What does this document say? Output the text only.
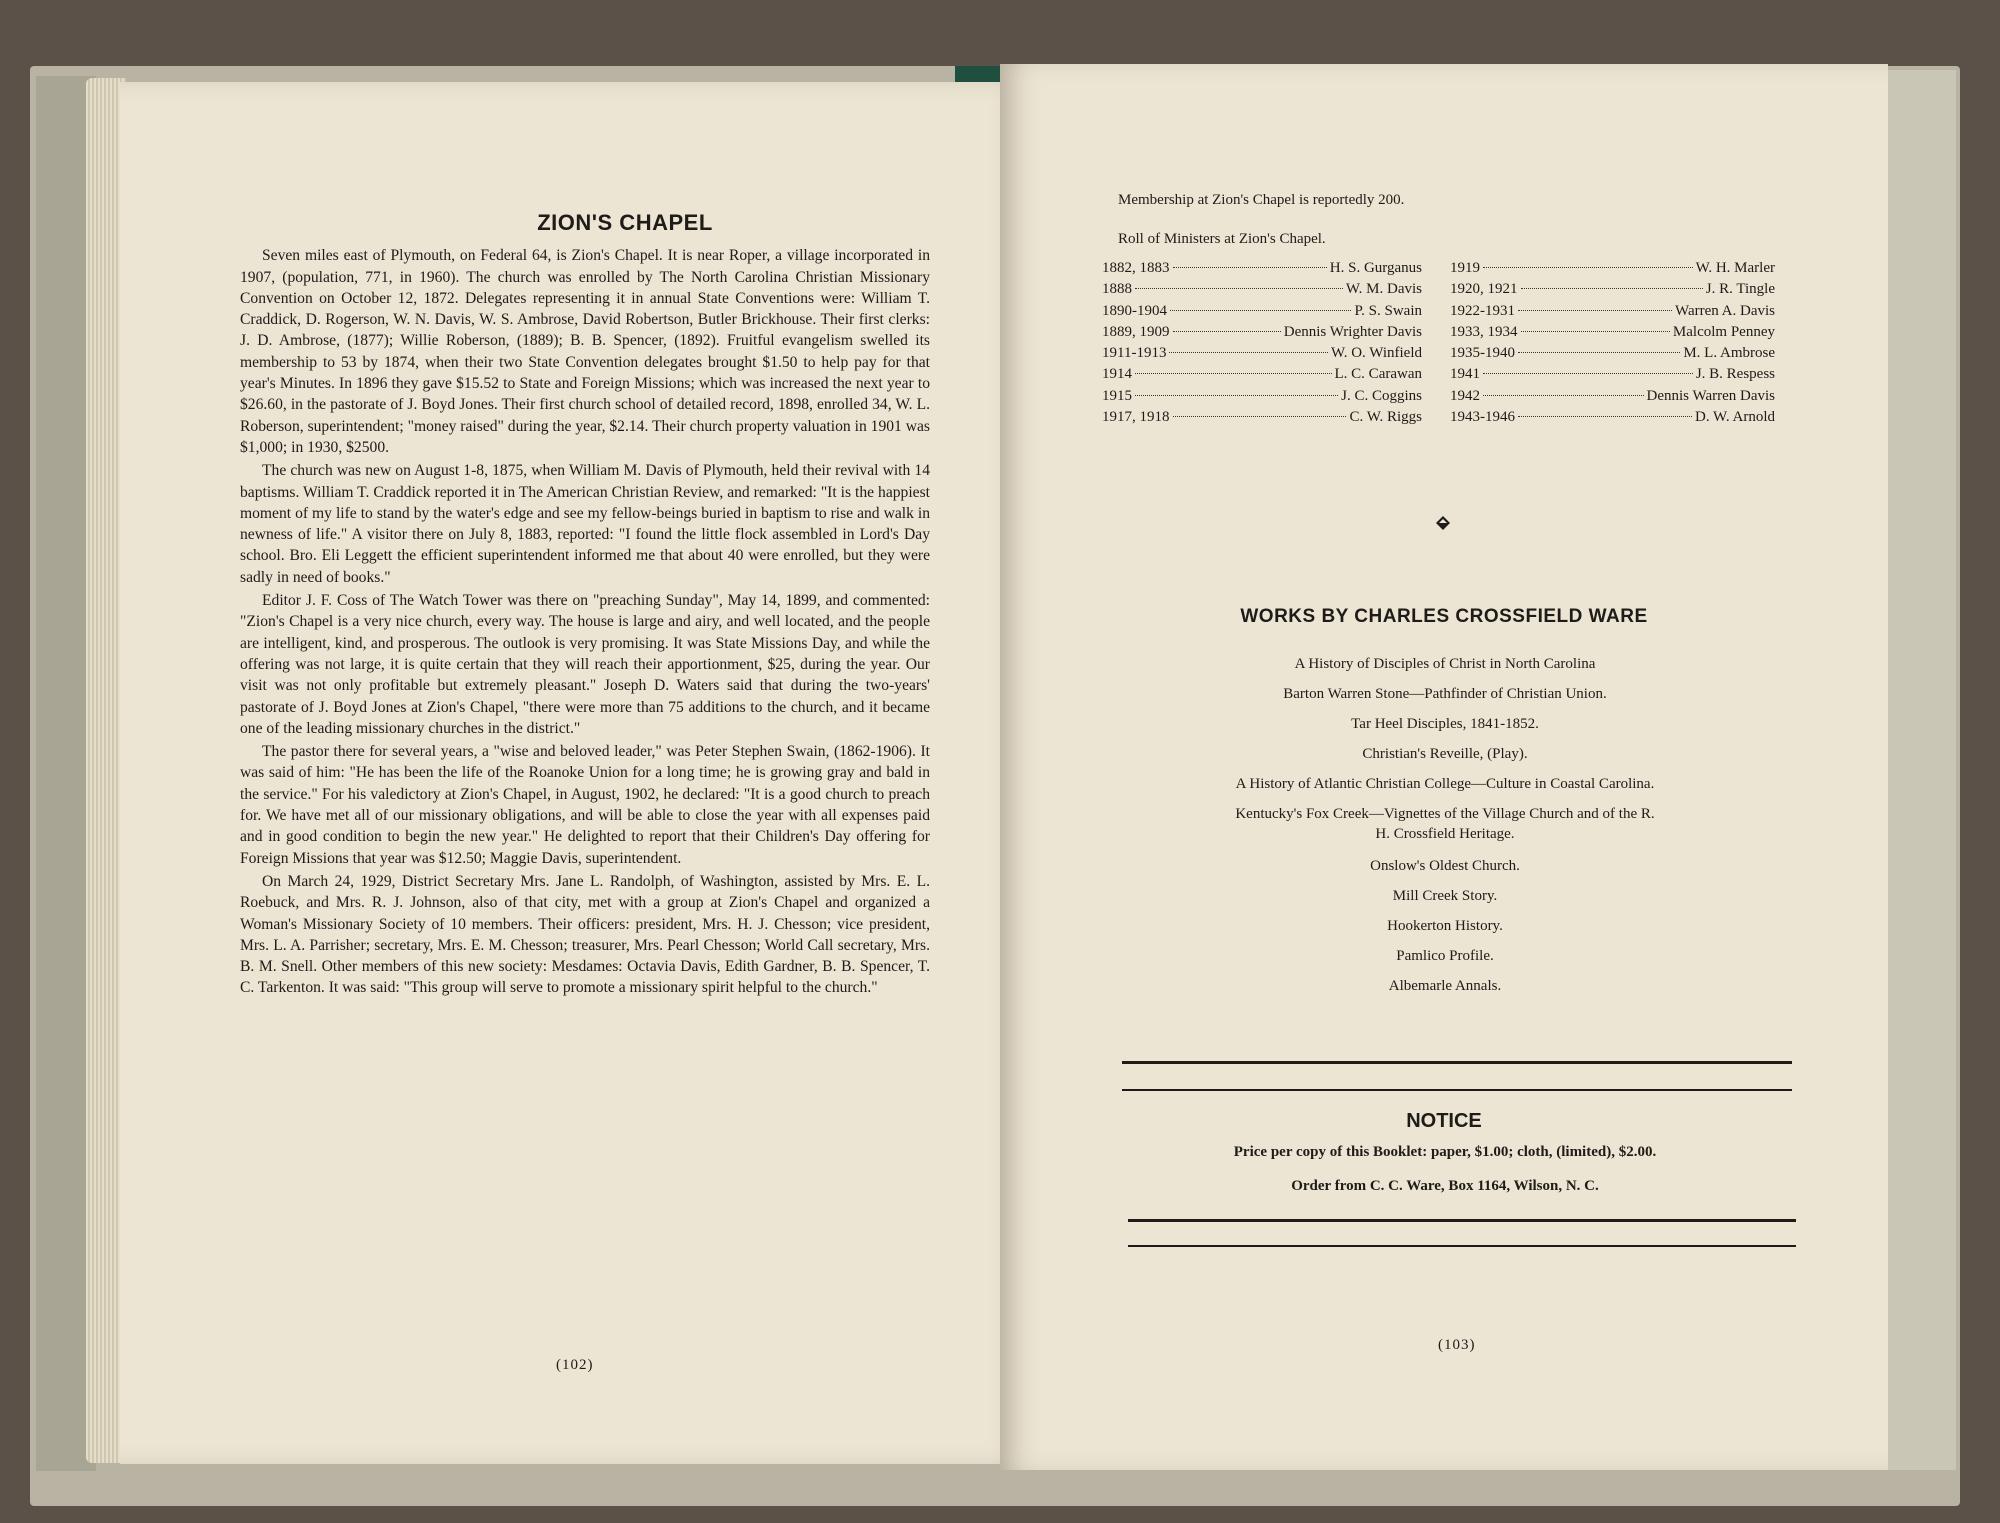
ZION'S CHAPEL

Seven miles east of Plymouth, on Federal 64, is Zion's Chapel. It is near Roper, a village incorporated in 1907, (population, 771, in 1960). The church was enrolled by The North Carolina Christian Missionary Convention on October 12, 1872. Delegates representing it in annual State Conventions were: William T. Craddick, D. Rogerson, W. N. Davis, W. S. Ambrose, David Robertson, Butler Brickhouse. Their first clerks: J. D. Ambrose, (1877); Willie Roberson, (1889); B. B. Spencer, (1892). Fruitful evangelism swelled its membership to 53 by 1874, when their two State Convention delegates brought $1.50 to help pay for that year's Minutes. In 1896 they gave $15.52 to State and Foreign Missions; which was increased the next year to $26.60, in the pastorate of J. Boyd Jones. Their first church school of detailed record, 1898, enrolled 34, W. L. Roberson, superintendent; "money raised" during the year, $2.14. Their church property valuation in 1901 was $1,000; in 1930, $2500.

The church was new on August 1-8, 1875, when William M. Davis of Plymouth, held their revival with 14 baptisms. William T. Craddick reported it in The American Christian Review, and remarked: "It is the happiest moment of my life to stand by the water's edge and see my fellow-beings buried in baptism to rise and walk in newness of life." A visitor there on July 8, 1883, reported: "I found the little flock assembled in Lord's Day school. Bro. Eli Leggett the efficient superintendent informed me that about 40 were enrolled, but they were sadly in need of books."

Editor J. F. Coss of The Watch Tower was there on "preaching Sunday", May 14, 1899, and commented: "Zion's Chapel is a very nice church, every way. The house is large and airy, and well located, and the people are intelligent, kind, and prosperous. The outlook is very promising. It was State Missions Day, and while the offering was not large, it is quite certain that they will reach their apportionment, $25, during the year. Our visit was not only profitable but extremely pleasant." Joseph D. Waters said that during the two-years' pastorate of J. Boyd Jones at Zion's Chapel, "there were more than 75 additions to the church, and it became one of the leading missionary churches in the district."

The pastor there for several years, a "wise and beloved leader," was Peter Stephen Swain, (1862-1906). It was said of him: "He has been the life of the Roanoke Union for a long time; he is growing gray and bald in the service." For his valedictory at Zion's Chapel, in August, 1902, he declared: "It is a good church to preach for. We have met all of our missionary obligations, and will be able to close the year with all expenses paid and in good condition to begin the new year." He delighted to report that their Children's Day offering for Foreign Missions that year was $12.50; Maggie Davis, superintendent.

On March 24, 1929, District Secretary Mrs. Jane L. Randolph, of Washington, assisted by Mrs. E. L. Roebuck, and Mrs. R. J. Johnson, also of that city, met with a group at Zion's Chapel and organized a Woman's Missionary Society of 10 members. Their officers: president, Mrs. H. J. Chesson; vice president, Mrs. L. A. Parrisher; secretary, Mrs. E. M. Chesson; treasurer, Mrs. Pearl Chesson; World Call secretary, Mrs. B. M. Snell. Other members of this new society: Mesdames: Octavia Davis, Edith Gardner, B. B. Spencer, T. C. Tarkenton. It was said: "This group will serve to promote a missionary spirit helpful to the church."

(102)
Membership at Zion's Chapel is reportedly 200.
Roll of Ministers at Zion's Chapel.
1882, 1883	H. S. Gurganus
1888	W. M. Davis
1890-1904	P. S. Swain
1889, 1909	Dennis Wrighter Davis
1911-1913	W. O. Winfield
1914	L. C. Carawan
1915	J. C. Coggins
1917, 1918	C. W. Riggs
1919	W. H. Marler
1920, 1921	J. R. Tingle
1922-1931	Warren A. Davis
1933, 1934	Malcolm Penney
1935-1940	M. L. Ambrose
1941	J. B. Respess
1942	Dennis Warren Davis
1943-1946	D. W. Arnold
WORKS BY CHARLES CROSSFIELD WARE
A History of Disciples of Christ in North Carolina
Barton Warren Stone—Pathfinder of Christian Union.
Tar Heel Disciples, 1841-1852.
Christian's Reveille, (Play).
A History of Atlantic Christian College—Culture in Coastal Carolina.
Kentucky's Fox Creek—Vignettes of the Village Church and of the R. H. Crossfield Heritage.
Onslow's Oldest Church.
Mill Creek Story.
Hookerton History.
Pamlico Profile.
Albemarle Annals.
NOTICE
Price per copy of this Booklet: paper, $1.00; cloth, (limited), $2.00.
Order from C. C. Ware, Box 1164, Wilson, N. C.
(103)
